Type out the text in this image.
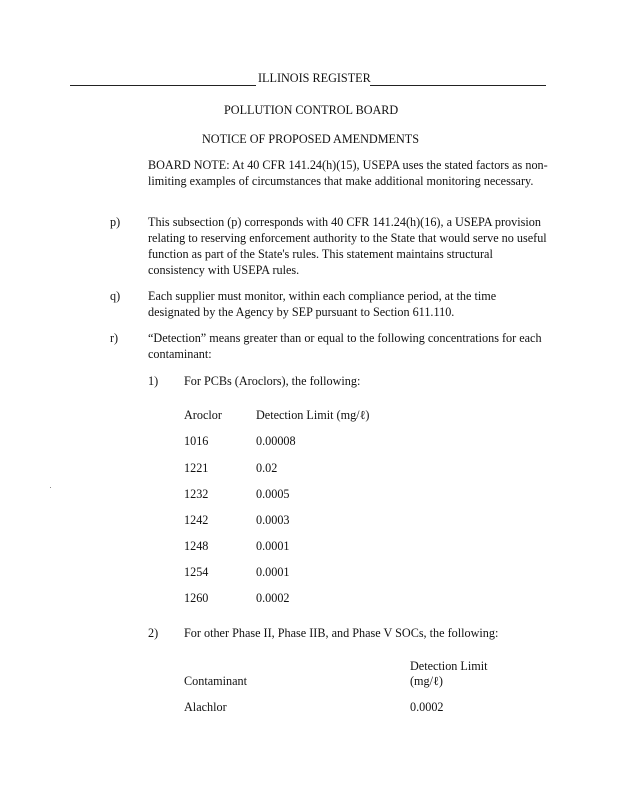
ILLINOIS REGISTER
POLLUTION CONTROL BOARD
NOTICE OF PROPOSED AMENDMENTS
BOARD NOTE: At 40 CFR 141.24(h)(15), USEPA uses the stated factors as non-limiting examples of circumstances that make additional monitoring necessary.
p) This subsection (p) corresponds with 40 CFR 141.24(h)(16), a USEPA provision relating to reserving enforcement authority to the State that would serve no useful function as part of the State's rules. This statement maintains structural consistency with USEPA rules.
q) Each supplier must monitor, within each compliance period, at the time designated by the Agency by SEP pursuant to Section 611.110.
r) “Detection” means greater than or equal to the following concentrations for each contaminant:
1) For PCBs (Aroclors), the following:
Aroclor	Detection Limit (mg/ℓ)
1016	0.00008
1221	0.02
1232	0.0005
1242	0.0003
1248	0.0001
1254	0.0001
1260	0.0002
2) For other Phase II, Phase IIB, and Phase V SOCs, the following:
Detection Limit
Contaminant	(mg/ℓ)
Alachlor	0.0002
